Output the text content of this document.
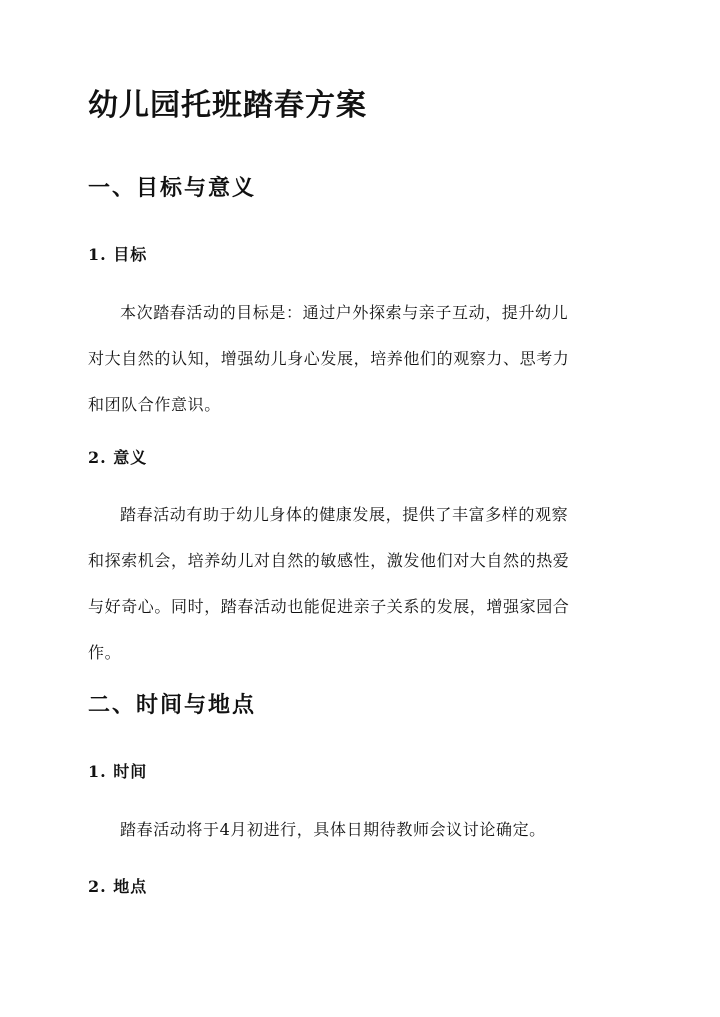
幼儿园托班踏春方案
一、目标与意义
1. 目标

本次踏春活动的目标是：通过户外探索与亲子互动，提升幼儿
对大自然的认知，增强幼儿身心发展，培养他们的观察力、思考力
和团队合作意识。

2. 意义

踏春活动有助于幼儿身体的健康发展，提供了丰富多样的观察
和探索机会，培养幼儿对自然的敏感性，激发他们对大自然的热爱
与好奇心。同时，踏春活动也能促进亲子关系的发展，增强家园合
作。

二、时间与地点
1. 时间

踏春活动将于4月初进行，具体日期待教师会议讨论确定。

2. 地点
